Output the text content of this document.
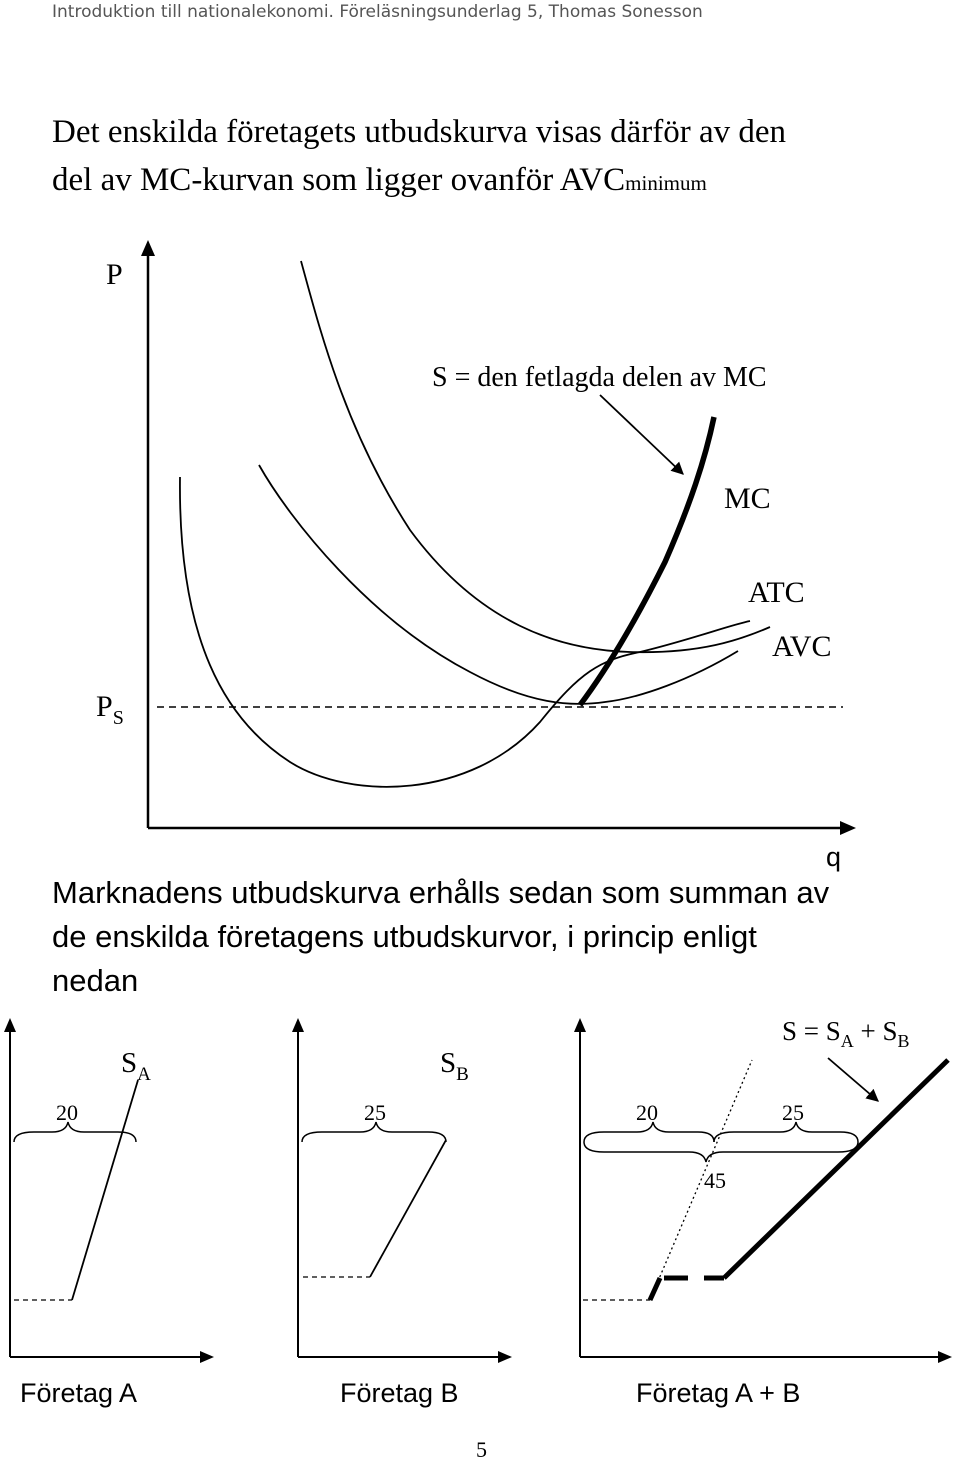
Introduktion till nationalekonomi. Föreläsningsunderlag 5, Thomas Sonesson
Det enskilda företagets utbudskurva visas därför av den
del av MC-kurvan som ligger ovanför AVCminimum
P
q
$P_S$
S = den fetlagda delen av MC
MC
ATC
AVC
20
$S_A$
Företag A
25
$S_B$
Företag B
20	25
45
$S = S_A + S_B$
Företag A + B
5
Marknadens utbudskurva erhålls sedan som summan av
de enskilda företagens utbudskurvor, i princip enligt
nedan
